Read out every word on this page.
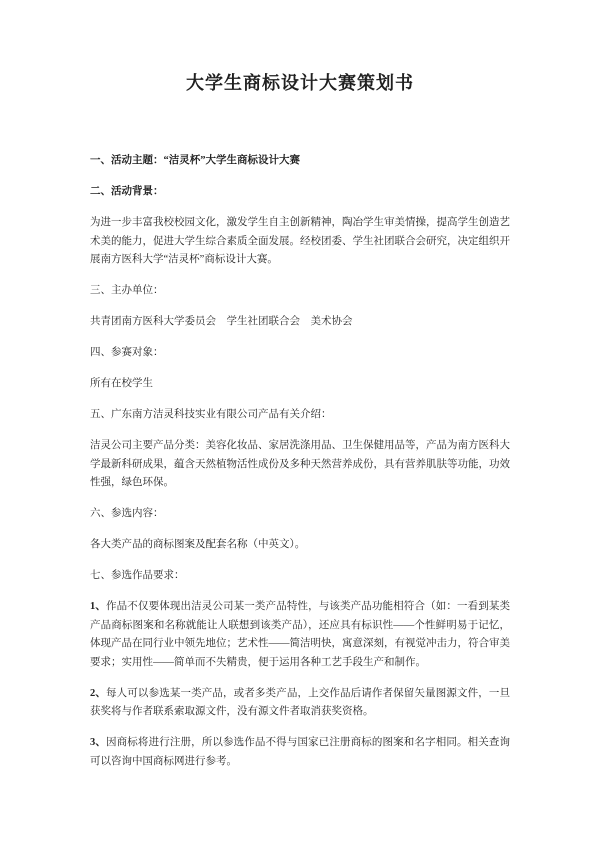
大学生商标设计大赛策划书

一、活动主题：“洁灵杯”大学生商标设计大赛

二、活动背景：

为进一步丰富我校校园文化，激发学生自主创新精神，陶冶学生审美情操，提高学生创造艺术美的能力，促进大学生综合素质全面发展。经校团委、学生社团联合会研究，决定组织开展南方医科大学“洁灵杯”商标设计大赛。

三、主办单位：

共青团南方医科大学委员会　学生社团联合会　美术协会

四、参赛对象：

所有在校学生

五、广东南方洁灵科技实业有限公司产品有关介绍：

洁灵公司主要产品分类：美容化妆品、家居洗涤用品、卫生保健用品等，产品为南方医科大学最新科研成果，蕴含天然植物活性成份及多种天然营养成份，具有营养肌肤等功能，功效性强，绿色环保。

六、参选内容：

各大类产品的商标图案及配套名称（中英文）。

七、参选作品要求：

1、作品不仅要体现出洁灵公司某一类产品特性，与该类产品功能相符合（如：一看到某类产品商标图案和名称就能让人联想到该类产品），还应具有标识性——个性鲜明易于记忆，体现产品在同行业中领先地位；艺术性——简洁明快，寓意深刻，有视觉冲击力，符合审美要求；实用性——简单而不失精贵，便于运用各种工艺手段生产和制作。

2、每人可以参选某一类产品，或者多类产品，上交作品后请作者保留矢量图源文件，一旦获奖将与作者联系索取源文件，没有源文件者取消获奖资格。

3、因商标将进行注册，所以参选作品不得与国家已注册商标的图案和名字相同。相关查询可以咨询中国商标网进行参考。
